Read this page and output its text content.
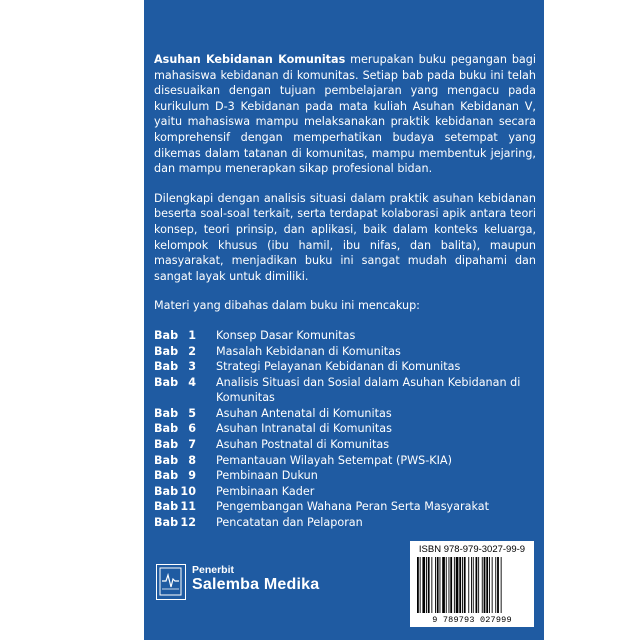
Asuhan Kebidanan Komunitas merupakan buku pegangan bagi mahasiswa kebidanan di komunitas. Setiap bab pada buku ini telah disesuaikan dengan tujuan pembelajaran yang mengacu pada kurikulum D-3 Kebidanan pada mata kuliah Asuhan Kebidanan V, yaitu mahasiswa mampu melaksanakan praktik kebidanan secara komprehensif dengan memperhatikan budaya setempat yang dikemas dalam tatanan di komunitas, mampu membentuk jejaring, dan mampu menerapkan sikap profesional bidan.

Dilengkapi dengan analisis situasi dalam praktik asuhan kebidanan beserta soal-soal terkait, serta terdapat kolaborasi apik antara teori konsep, teori prinsip, dan aplikasi, baik dalam konteks keluarga, kelompok khusus (ibu hamil, ibu nifas, dan balita), maupun masyarakat, menjadikan buku ini sangat mudah dipahami dan sangat layak untuk dimiliki.

Materi yang dibahas dalam buku ini mencakup:

Bab 1	Konsep Dasar Komunitas
Bab 2	Masalah Kebidanan di Komunitas
Bab 3	Strategi Pelayanan Kebidanan di Komunitas
Bab 4	Analisis Situasi dan Sosial dalam Asuhan Kebidanan di Komunitas
Bab 5	Asuhan Antenatal di Komunitas
Bab 6	Asuhan Intranatal di Komunitas
Bab 7	Asuhan Postnatal di Komunitas
Bab 8	Pemantauan Wilayah Setempat (PWS-KIA)
Bab 9	Pembinaan Dukun
Bab 10	Pembinaan Kader
Bab 11	Pengembangan Wahana Peran Serta Masyarakat
Bab 12	Pencatatan dan Pelaporan
Penerbit
Salemba Medika
ISBN 978-979-3027-99-9
9 789793 027999
